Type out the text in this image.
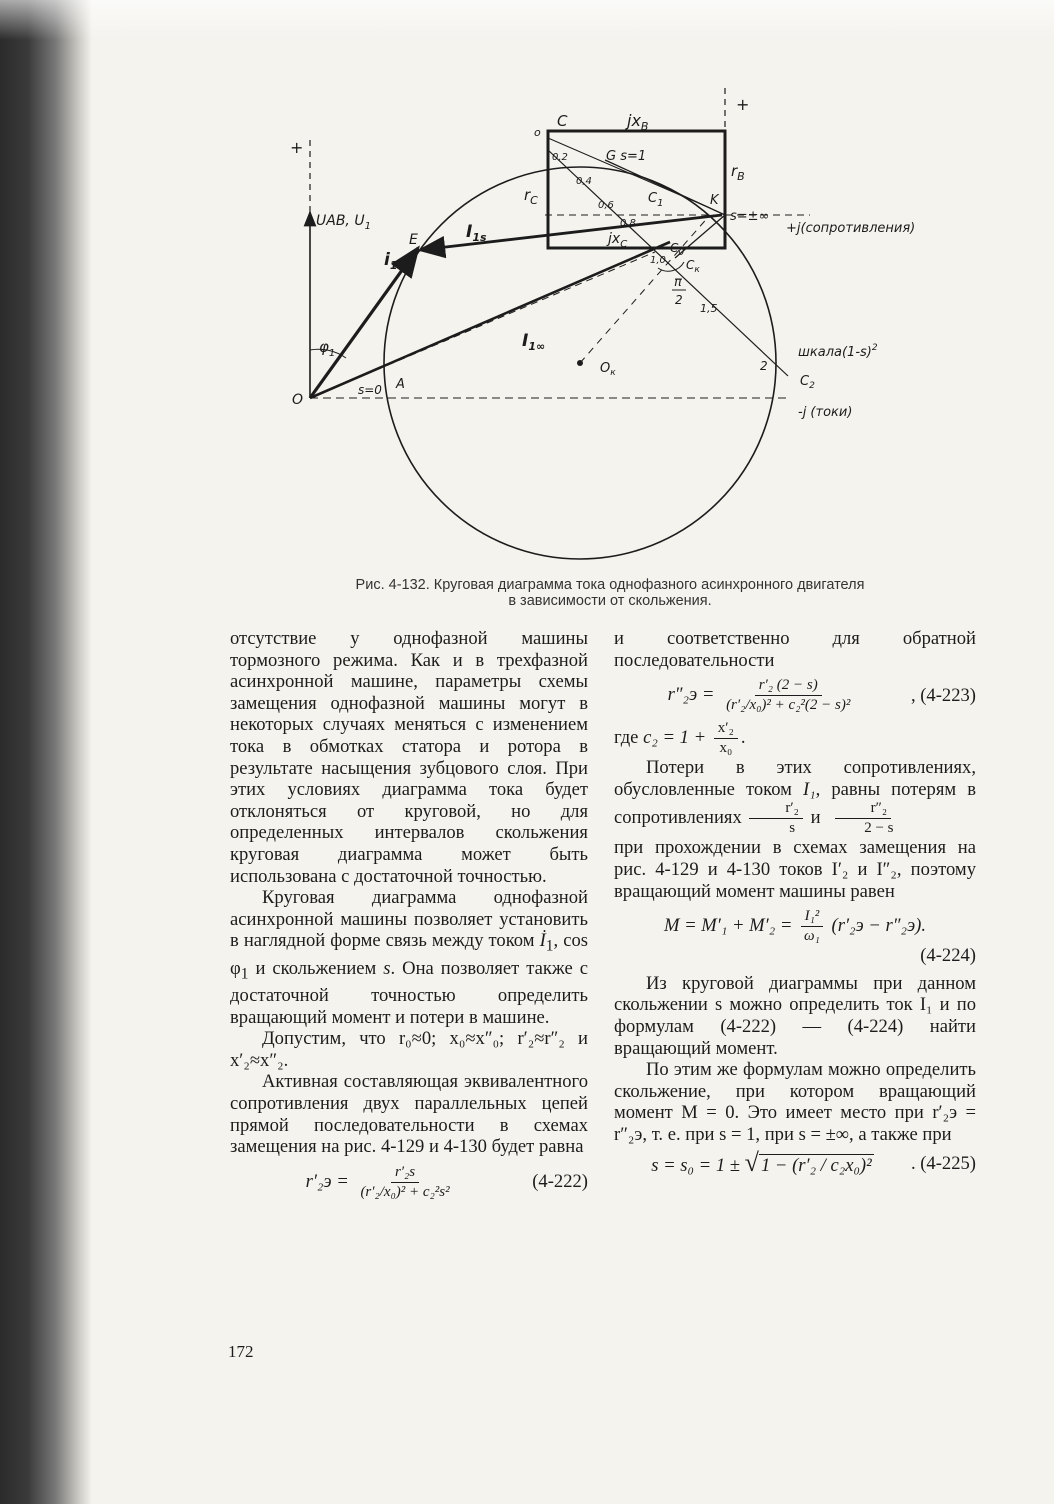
+
+
о
C	$jx_B$
G s=1
$r_B$
$r_C$	K
s=±∞
+j(сопротивления)
UAB, $U_1$
E	$I_{1s}$
$C_1$
$jx_C$	$C_0$
$C_к$
$i_1$
$\varphi_1$
π
2
$I_{1\infty}$
$O_к$
$шкала(1-s)^2$
$C_2$
O
s=0 A
-j (токи)
0,2
0,4
0,6
0,8
1,0
1,5
2
Рис. 4-132. Круговая диаграмма тока однофазного асинхронного двигателя
в зависимости от скольжения.

отсутствие у однофазной машины тормозного режима. Как и в трехфазной асинхронной машине, параметры схемы замещения однофазной машины могут в некоторых случаях меняться с изменением тока в обмотках статора и ротора в результате насыщения зубцового слоя. При этих условиях диаграмма тока будет отклоняться от круговой, но для определенных интервалов скольжения круговая диаграмма может быть использована с достаточной точностью.

Круговая диаграмма однофазной асинхронной машины позволяет установить в наглядной форме связь между током $İ_1$, $\cos \varphi_1$ и скольжением s. Она позволяет также с достаточной точностью определить вращающий момент и потери в машине.

Допустим, что r₀≈0; x₀≈x″₀; r′₂≈r″₂ и x′₂≈x″₂.

Активная составляющая эквивалентного сопротивления двух параллельных цепей прямой последовательности в схемах замещения на рис. 4-129 и 4-130 будет равна

$r'_2э = \frac{\text{r′₂s}}{\text{(r′₂/x₀)² + c₂²s²}}$	(4-222)

и соответственно для обратной последовательности

$r''_2э = \frac{\text{r′₂ (2 − s)}}{\text{(r′₂/x₀)² + c₂²(2 − s)²}}$	, (4-223)

где $c_2 = 1 + \frac{\text{x′₂}}{\text{x₀}}$ .

Потери в этих сопротивлениях, обусловленные током I₁, равны потерям в сопротивлениях $\frac{\text{r′₂}}{s}$ и $\frac{\text{r″₂}}{2 - s}$

при прохождении в схемах замещения на рис. 4-129 и 4-130 токов I′₂ и I″₂, поэтому вращающий момент машины равен

$M = M'_1 + M'_2 = \frac{\text{I₁²}}{\text{ω₁}} (r'_2э - r''_2э)$.
(4-224)

Из круговой диаграммы при данном скольжении s можно определить ток I₁ и по формулам (4-222) — (4-224) найти вращающий момент.

По этим же формулам можно определить скольжение, при котором вращающий момент M = 0. Это имеет место при r′₂э = r″₂э, т. е. при s = 1, при s = ±∞, а также при

s = s₀ = 1 ± √ 1 − (r′₂ / c₂x₀)²	. (4-225)
172
